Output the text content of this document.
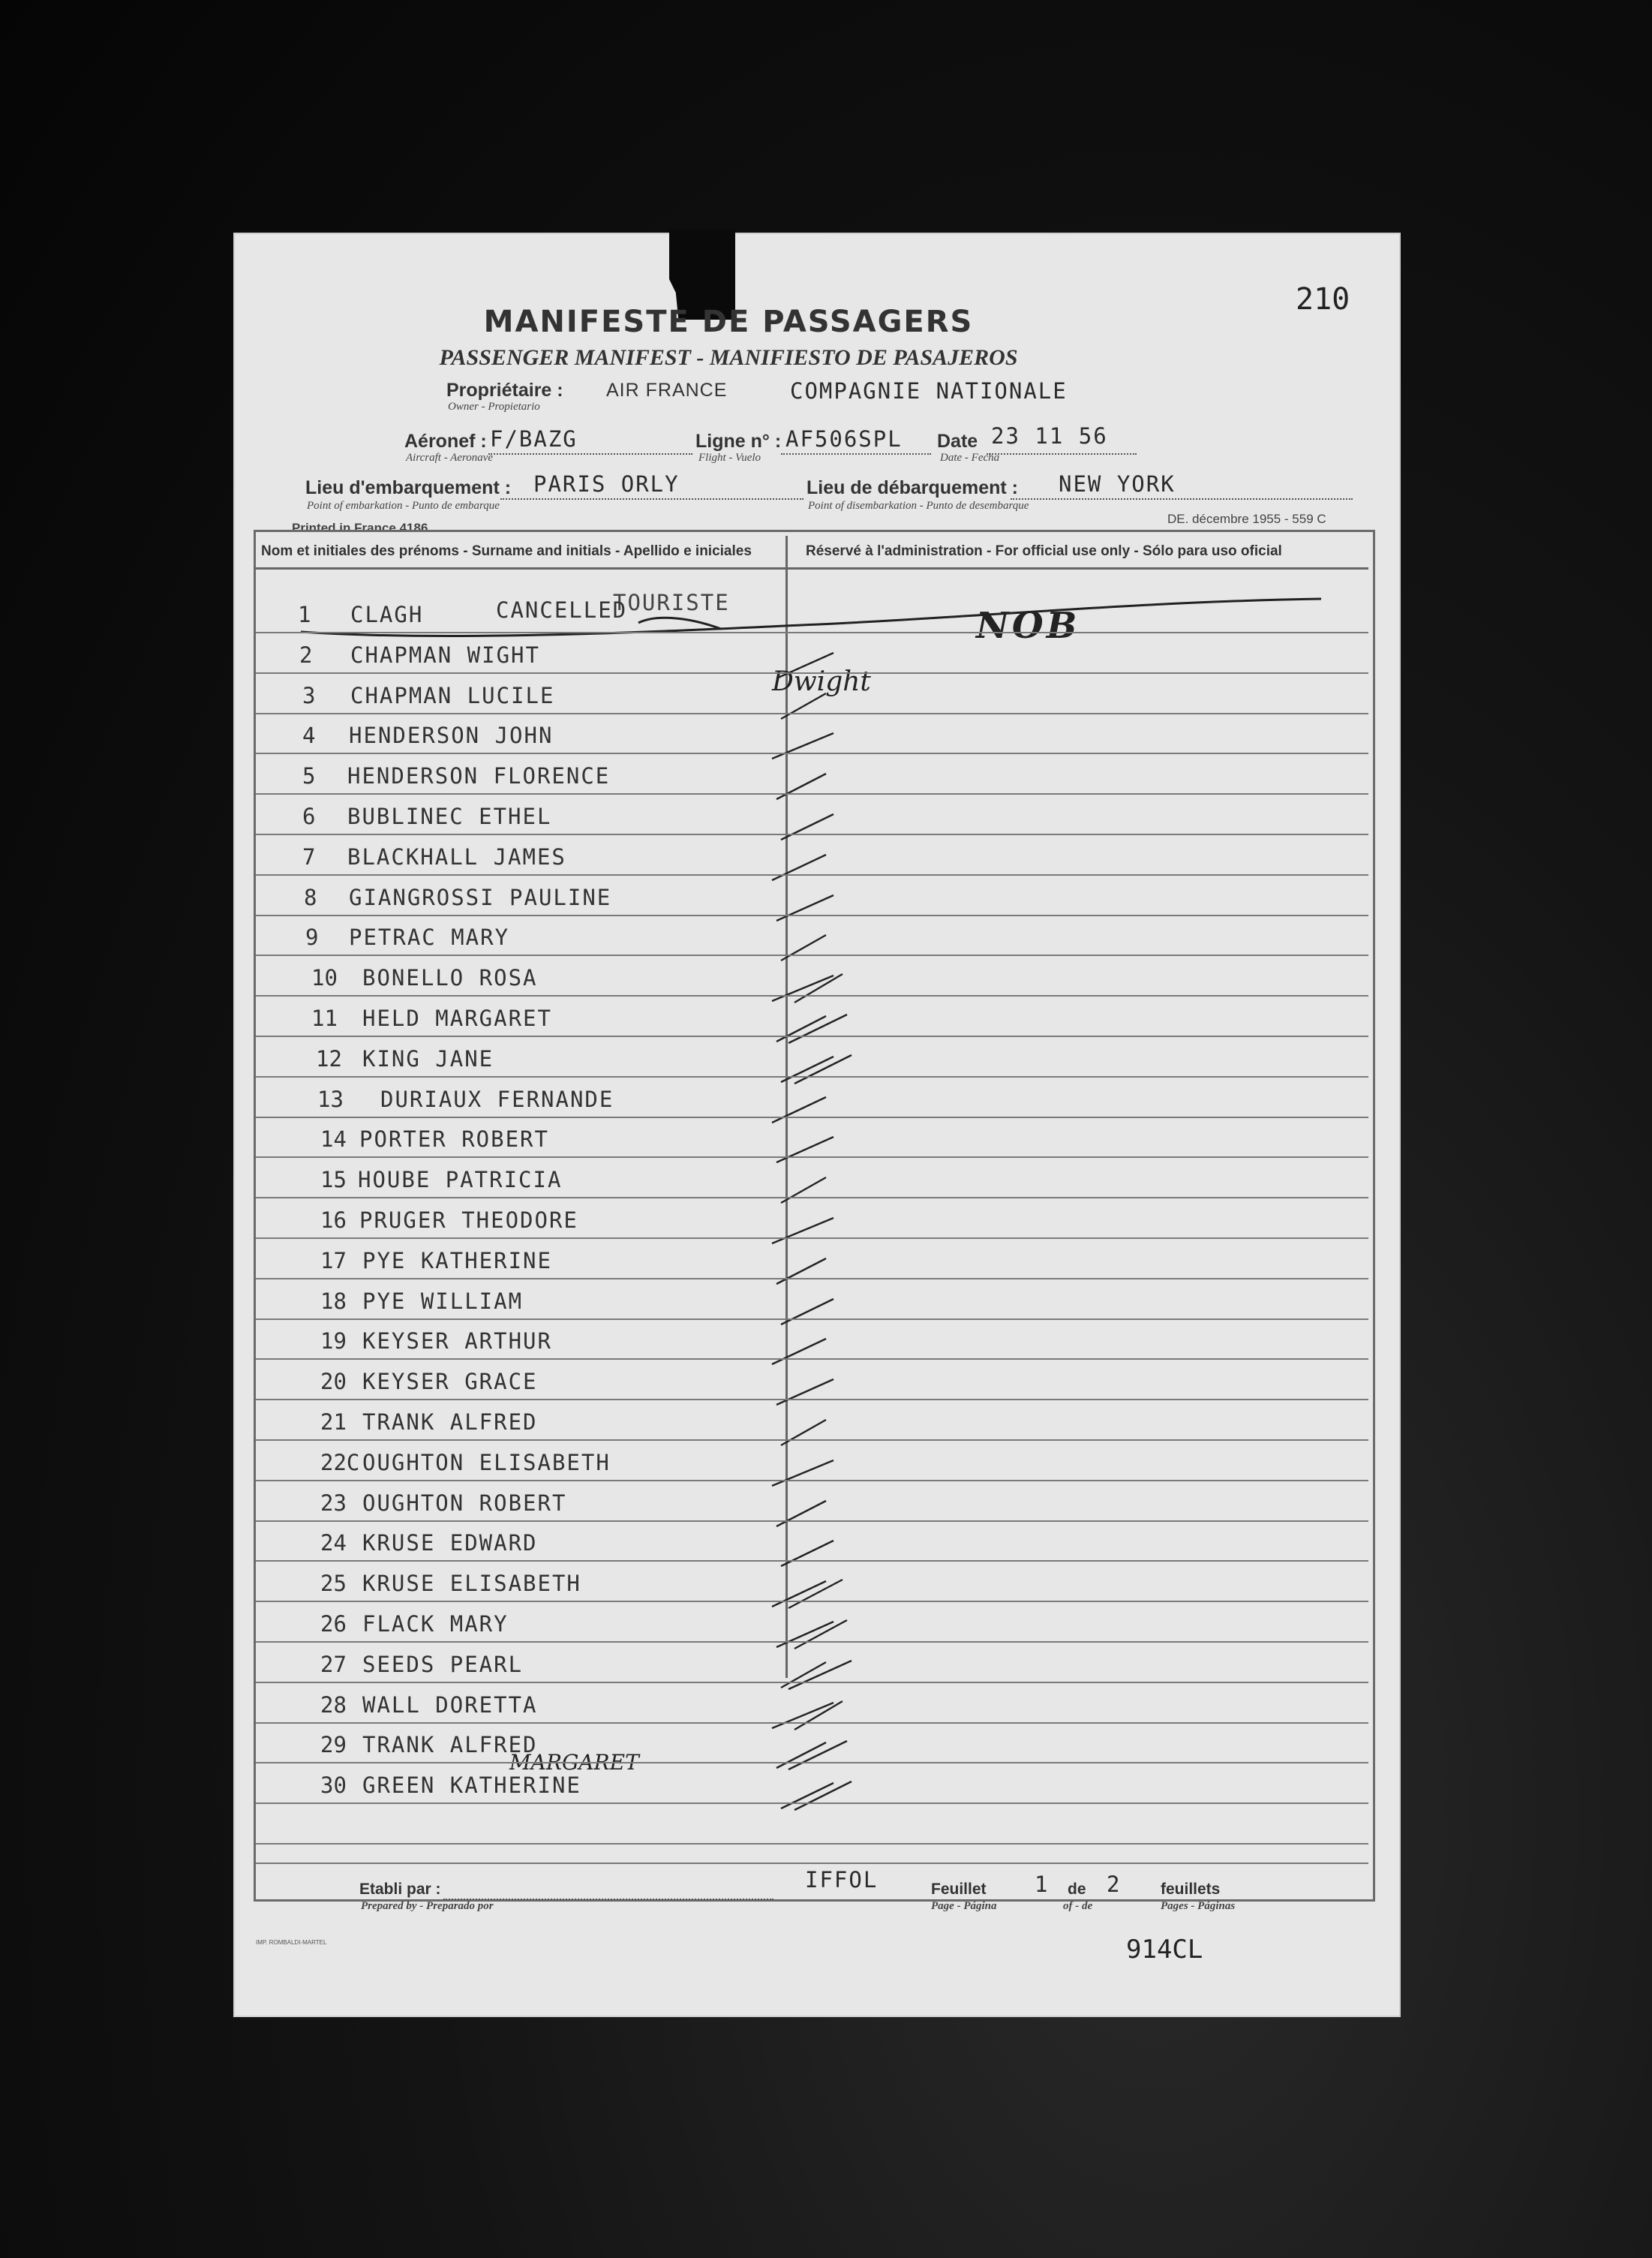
210
MANIFESTE DE PASSAGERS
PASSENGER MANIFEST - MANIFIESTO DE PASAJEROS
Propriétaire :
Owner - Propietario
AIR FRANCE	COMPAGNIE NATIONALE
Aéronef :
Aircraft - Aeronave
F/BAZG	Ligne n° :
Flight - Vuelo
AF506SPL Date
Date - Fecha
23 11 56
Lieu d'embarquement :
Point of embarkation - Punto de embarque
PARIS ORLY	Lieu de débarquement :
Point of disembarkation - Punto de desembarque
NEW YORK
Printed in France 4186
DE. décembre 1955 - 559 C
Nom et initiales des prénoms - Surname and initials - Apellido e iniciales	Réservé à l'administration - For official use only - Sólo para uso oficial
TOURISTE
Etabli par :
Prepared by - Preparado por
IFFOL	Feuillet
Page - Página
1 de
of - de
2	feuillets
Pages - Páginas
IMP. ROMBALDI-MARTEL	914CL
Dwight
MARGARET
NOB
1 CLAGH	CANCELLED
2 CHAPMAN WIGHT
3 CHAPMAN LUCILE
4 HENDERSON JOHN
5 HENDERSON FLORENCE
6 BUBLINEC ETHEL
7 BLACKHALL JAMES
8 GIANGROSSI PAULINE
9 PETRAC MARY
10 BONELLO ROSA
11 HELD MARGARET
12 KING JANE
13 DURIAUX FERNANDE
14 PORTER ROBERT
15 HOUBE PATRICIA
16 PRUGER THEODORE
17 PYE KATHERINE
18 PYE WILLIAM
19 KEYSER ARTHUR
20 KEYSER GRACE
21 TRANK ALFRED
22C OUGHTON ELISABETH
23 OUGHTON ROBERT
24 KRUSE EDWARD
25 KRUSE ELISABETH
26 FLACK MARY
27 SEEDS PEARL
28 WALL DORETTA
29 TRANK ALFRED
30 GREEN KATHERINE
